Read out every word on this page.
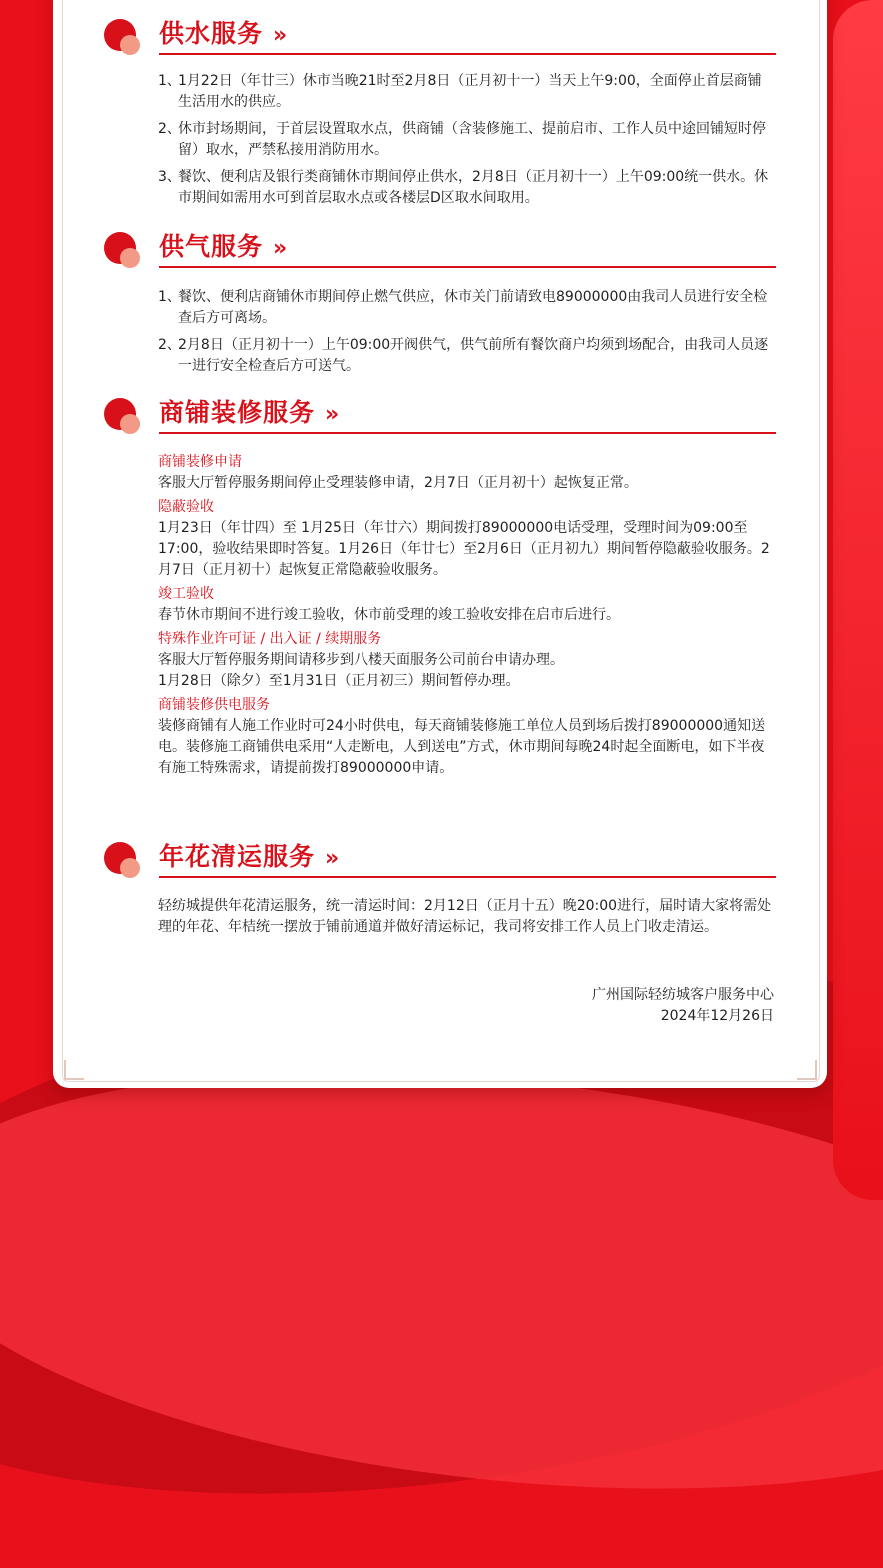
供水服务 »
1、
1月22日（年廿三）休市当晚21时至2月8日（正月初十一）当天上午9:00，全面停止首层商铺生活用水的供应。
2、
休市封场期间，于首层设置取水点，供商铺（含装修施工、提前启市、工作人员中途回铺短时停留）取水，严禁私接用消防用水。
3、
餐饮、便利店及银行类商铺休市期间停止供水，2月8日（正月初十一）上午09:00统一供水。休市期间如需用水可到首层取水点或各楼层D区取水间取用。
供气服务 »
1、
餐饮、便利店商铺休市期间停止燃气供应，休市关门前请致电89000000由我司人员进行安全检查后方可离场。
2、
2月8日（正月初十一）上午09:00开阀供气，供气前所有餐饮商户均须到场配合，由我司人员逐一进行安全检查后方可送气。
商铺装修服务 »
商铺装修申请
客服大厅暂停服务期间停止受理装修申请，2月7日（正月初十）起恢复正常。
隐蔽验收
1月23日（年廿四）至 1月25日（年廿六）期间拨打89000000电话受理，受理时间为09:00至17:00，验收结果即时答复。1月26日（年廿七）至2月6日（正月初九）期间暂停隐蔽验收服务。2月7日（正月初十）起恢复正常隐蔽验收服务。
竣工验收
春节休市期间不进行竣工验收，休市前受理的竣工验收安排在启市后进行。
特殊作业许可证 / 出入证 / 续期服务
客服大厅暂停服务期间请移步到八楼天面服务公司前台申请办理。
1月28日（除夕）至1月31日（正月初三）期间暂停办理。
商铺装修供电服务
装修商铺有人施工作业时可24小时供电，每天商铺装修施工单位人员到场后拨打89000000通知送电。装修施工商铺供电采用“人走断电，人到送电”方式，休市期间每晚24时起全面断电，如下半夜有施工特殊需求，请提前拨打89000000申请。
年花清运服务 »
轻纺城提供年花清运服务，统一清运时间：2月12日（正月十五）晚20:00进行，届时请大家将需处理的年花、年桔统一摆放于铺前通道并做好清运标记，我司将安排工作人员上门收走清运。
广州国际轻纺城客户服务中心
2024年12月26日
